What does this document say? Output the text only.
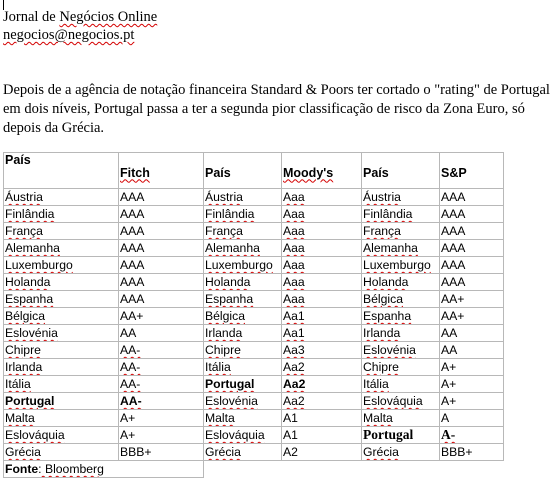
Jornal de Negócios Online
negocios@negocios.pt
Depois de a agência de notação financeira Standard & Poors ter cortado o "rating" de Portugal em dois níveis, Portugal passa a ter a segunda pior classificação de risco da Zona Euro, só depois da Grécia.
País	Fitch	País	Moody's	País	S&P
Áustria	AAA	Áustria	Aaa	Áustria	AAA
Finlândia	AAA	Finlândia	Aaa	Finlândia	AAA
França	AAA	França	Aaa	França	AAA
Alemanha	AAA	Alemanha	Aaa	Alemanha	AAA
Luxemburgo	AAA	Luxemburgo	Aaa	Luxemburgo	AAA
Holanda	AAA	Holanda	Aaa	Holanda	AAA
Espanha	AAA	Espanha	Aaa	Bélgica	AA+
Bélgica	AA+	Bélgica	Aa1	Espanha	AA+
Eslovénia	AA	Irlanda	Aa1	Irlanda	AA
Chipre	AA-	Chipre	Aa3	Eslovénia	AA
Irlanda	AA-	Itália	Aa2	Chipre	A+
Itália	AA-	Portugal	Aa2	Itália	A+
Portugal	AA-	Eslovénia	Aa2	Eslováquia	A+
Malta	A+	Malta	A1	Malta	A
Eslováquia	A+	Eslováquia	A1	Portugal	A-
Grécia	BBB+	Grécia	A2	Grécia	BBB+
Fonte: Bloomberg					
